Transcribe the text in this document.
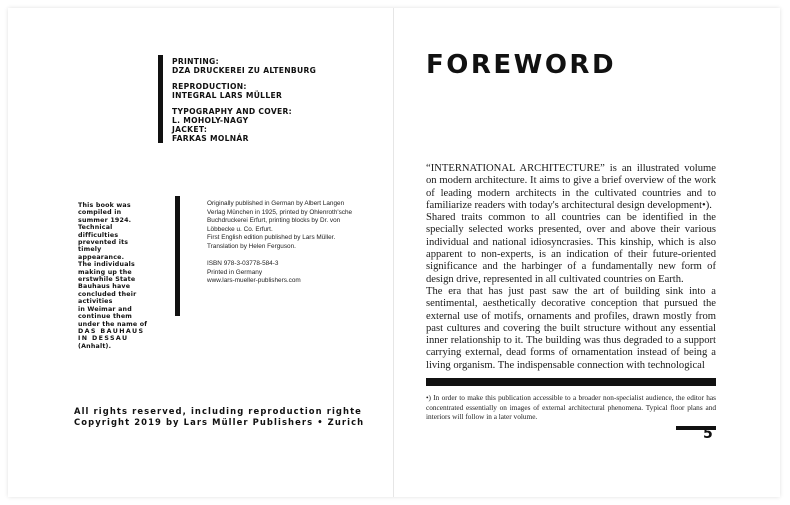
PRINTING:
DZA DRUCKEREI ZU ALTENBURG
REPRODUCTION:
INTEGRAL LARS MÜLLER
TYPOGRAPHY AND COVER:
L. MOHOLY-NAGY
JACKET:
FARKAS MOLNÁR
This book was
compiled in
summer 1924.
Technical
difficulties
prevented its
timely
appearance.
The individuals
making up the
erstwhile State
Bauhaus have
concluded their
activities
in Weimar and
continue them
under the name of
DAS BAUHAUS
IN DESSAU
(Anhalt).
Originally published in German by Albert Langen
Verlag München in 1925, printed by Ohlenroth'sche
Buchdruckerei Erfurt, printing blocks by Dr. von
Löbbecke u. Co. Erfurt.
First English edition published by Lars Müller.
Translation by Helen Ferguson.
ISBN 978-3-03778-584-3
Printed in Germany
www.lars-mueller-publishers.com
All rights reserved, including reproduction righte
Copyright 2019 by Lars Müller Publishers • Zurich
FOREWORD

“INTERNATIONAL ARCHITECTURE” is an illustrated volume on modern architecture. It aims to give a brief overview of the work of leading modern architects in the cultivated countries and to familiarize readers with today's architectural design development•).

Shared traits common to all countries can be identified in the specially selected works presented, over and above their various individual and national idiosyncrasies. This kinship, which is also apparent to non-experts, is an indication of their future-oriented significance and the harbinger of a fundamentally new form of design drive, represented in all cultivated countries on Earth.

The era that has just past saw the art of building sink into a sentimental, aesthetically decorative conception that pursued the external use of motifs, ornaments and profiles, drawn mostly from past cultures and covering the built structure without any essential inner relationship to it. The building was thus degraded to a support carrying external, dead forms of ornamentation instead of being a living organism. The indispensable connection with technological

•) In order to make this publication accessible to a broader non-specialist audience, the editor has concentrated essentially on images of external architectural phenomena. Typical floor plans and interiors will follow in a later volume.
5
